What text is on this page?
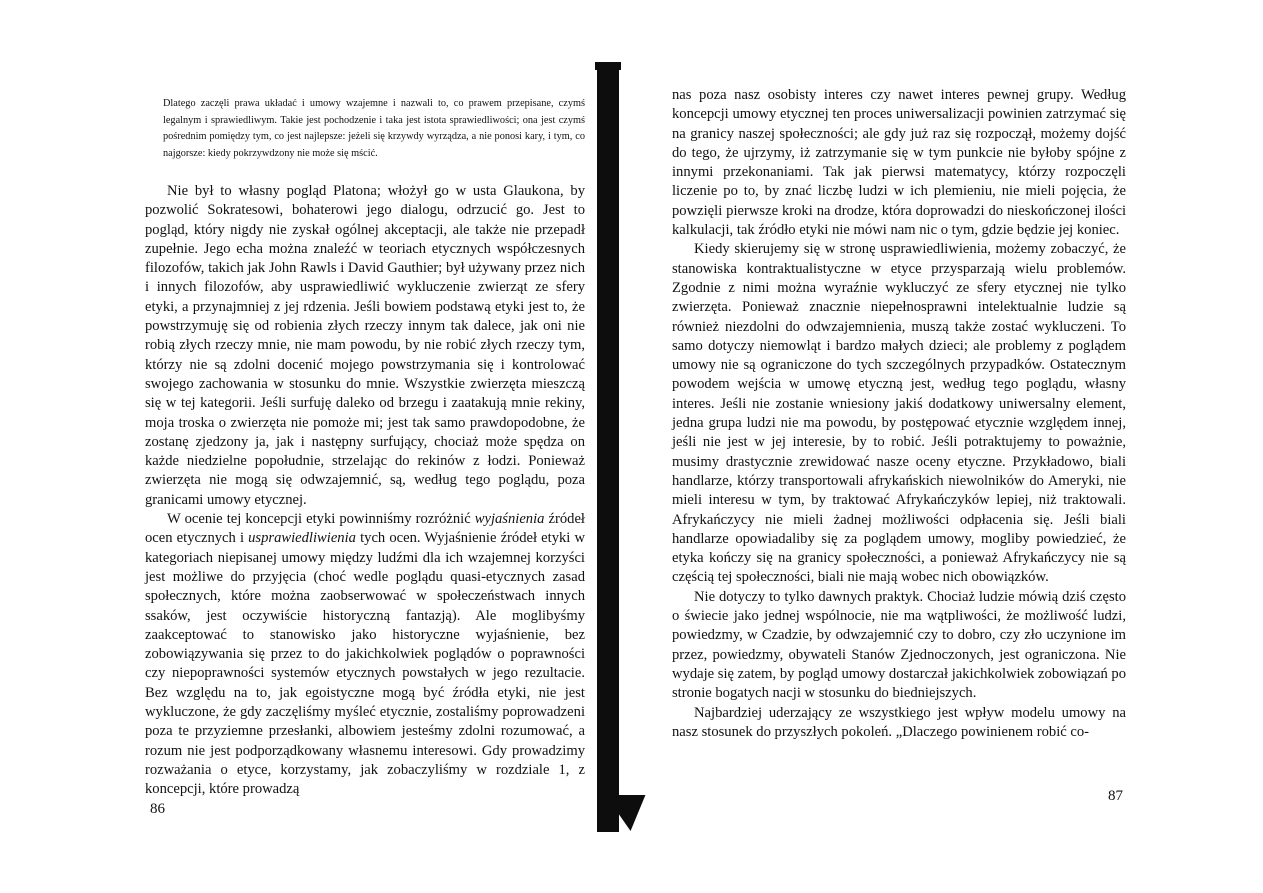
Dlatego zaczęli prawa układać i umowy wzajemne i nazwali to, co prawem przepisane, czymś legalnym i sprawiedliwym. Takie jest pochodzenie i taka jest istota sprawiedliwości; ona jest czymś pośrednim pomiędzy tym, co jest najlepsze: jeżeli się krzywdy wyrządza, a nie ponosi kary, i tym, co najgorsze: kiedy pokrzywdzony nie może się mścić.

Nie był to własny pogląd Platona; włożył go w usta Glaukona, by pozwolić Sokratesowi, bohaterowi jego dialogu, odrzucić go. Jest to pogląd, który nigdy nie zyskał ogólnej akceptacji, ale także nie przepadł zupełnie. Jego echa można znaleźć w teoriach etycznych współczesnych filozofów, takich jak John Rawls i David Gauthier; był używany przez nich i innych filozofów, aby usprawiedliwić wykluczenie zwierząt ze sfery etyki, a przynajmniej z jej rdzenia. Jeśli bowiem podstawą etyki jest to, że powstrzymuję się od robienia złych rzeczy innym tak dalece, jak oni nie robią złych rzeczy mnie, nie mam powodu, by nie robić złych rzeczy tym, którzy nie są zdolni docenić mojego powstrzymania się i kontrolować swojego zachowania w stosunku do mnie. Wszystkie zwierzęta mieszczą się w tej kategorii. Jeśli surfuję daleko od brzegu i zaatakują mnie rekiny, moja troska o zwierzęta nie pomoże mi; jest tak samo prawdopodobne, że zostanę zjedzony ja, jak i następny surfujący, chociaż może spędza on każde niedzielne popołudnie, strzelając do rekinów z łodzi. Ponieważ zwierzęta nie mogą się odwzajemnić, są, według tego poglądu, poza granicami umowy etycznej.

W ocenie tej koncepcji etyki powinniśmy rozróżnić wyjaśnienia źródeł ocen etycznych i usprawiedliwienia tych ocen. Wyjaśnienie źródeł etyki w kategoriach niepisanej umowy między ludźmi dla ich wzajemnej korzyści jest możliwe do przyjęcia (choć wedle poglądu quasi-etycznych zasad społecznych, które można zaobserwować w społeczeństwach innych ssaków, jest oczywiście historyczną fantazją). Ale moglibyśmy zaakceptować to stanowisko jako historyczne wyjaśnienie, bez zobowiązywania się przez to do jakichkolwiek poglądów o poprawności czy niepoprawności systemów etycznych powstałych w jego rezultacie. Bez względu na to, jak egoistyczne mogą być źródła etyki, nie jest wykluczone, że gdy zaczęliśmy myśleć etycznie, zostaliśmy poprowadzeni poza te przyziemne przesłanki, albowiem jesteśmy zdolni rozumować, a rozum nie jest podporządkowany własnemu interesowi. Gdy prowadzimy rozważania o etyce, korzystamy, jak zobaczyliśmy w rozdziale 1, z koncepcji, które prowadzą

86

nas poza nasz osobisty interes czy nawet interes pewnej grupy. Według koncepcji umowy etycznej ten proces uniwersalizacji powinien zatrzymać się na granicy naszej społeczności; ale gdy już raz się rozpoczął, możemy dojść do tego, że ujrzymy, iż zatrzymanie się w tym punkcie nie byłoby spójne z innymi przekonaniami. Tak jak pierwsi matematycy, którzy rozpoczęli liczenie po to, by znać liczbę ludzi w ich plemieniu, nie mieli pojęcia, że powzięli pierwsze kroki na drodze, która doprowadzi do nieskończonej ilości kalkulacji, tak źródło etyki nie mówi nam nic o tym, gdzie będzie jej koniec.

Kiedy skierujemy się w stronę usprawiedliwienia, możemy zobaczyć, że stanowiska kontraktualistyczne w etyce przysparzają wielu problemów. Zgodnie z nimi można wyraźnie wykluczyć ze sfery etycznej nie tylko zwierzęta. Ponieważ znacznie niepełnosprawni intelektualnie ludzie są również niezdolni do odwzajemnienia, muszą także zostać wykluczeni. To samo dotyczy niemowląt i bardzo małych dzieci; ale problemy z poglądem umowy nie są ograniczone do tych szczególnych przypadków. Ostatecznym powodem wejścia w umowę etyczną jest, według tego poglądu, własny interes. Jeśli nie zostanie wniesiony jakiś dodatkowy uniwersalny element, jedna grupa ludzi nie ma powodu, by postępować etycznie względem innej, jeśli nie jest w jej interesie, by to robić. Jeśli potraktujemy to poważnie, musimy drastycznie zrewidować nasze oceny etyczne. Przykładowo, biali handlarze, którzy transportowali afrykańskich niewolników do Ameryki, nie mieli interesu w tym, by traktować Afrykańczyków lepiej, niż traktowali. Afrykańczycy nie mieli żadnej możliwości odpłacenia się. Jeśli biali handlarze opowiadaliby się za poglądem umowy, mogliby powiedzieć, że etyka kończy się na granicy społeczności, a ponieważ Afrykańczycy nie są częścią tej społeczności, biali nie mają wobec nich obowiązków.

Nie dotyczy to tylko dawnych praktyk. Chociaż ludzie mówią dziś często o świecie jako jednej wspólnocie, nie ma wątpliwości, że możliwość ludzi, powiedzmy, w Czadzie, by odwzajemnić czy to dobro, czy zło uczynione im przez, powiedzmy, obywateli Stanów Zjednoczonych, jest ograniczona. Nie wydaje się zatem, by pogląd umowy dostarczał jakichkolwiek zobowiązań po stronie bogatych nacji w stosunku do biedniejszych.

Najbardziej uderzający ze wszystkiego jest wpływ modelu umowy na nasz stosunek do przyszłych pokoleń. „Dlaczego powinienem robić co-

87
